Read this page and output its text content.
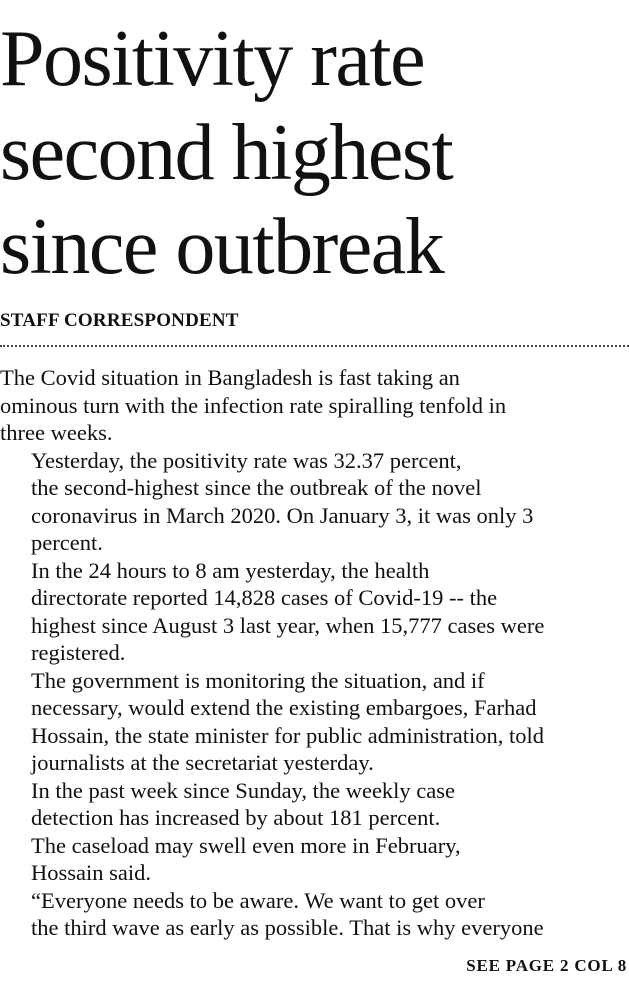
Positivity rate
second highest
since outbreak
STAFF CORRESPONDENT

The Covid situation in Bangladesh is fast taking an
ominous turn with the infection rate spiralling tenfold in
three weeks.

Yesterday, the positivity rate was 32.37 percent,
the second-highest since the outbreak of the novel
coronavirus in March 2020. On January 3, it was only 3
percent.

In the 24 hours to 8 am yesterday, the health
directorate reported 14,828 cases of Covid-19 -- the
highest since August 3 last year, when 15,777 cases were
registered.

The government is monitoring the situation, and if
necessary, would extend the existing embargoes, Farhad
Hossain, the state minister for public administration, told
journalists at the secretariat yesterday.

In the past week since Sunday, the weekly case
detection has increased by about 181 percent.

The caseload may swell even more in February,
Hossain said.

“Everyone needs to be aware. We want to get over
the third wave as early as possible. That is why everyone

SEE PAGE 2 COL 8
